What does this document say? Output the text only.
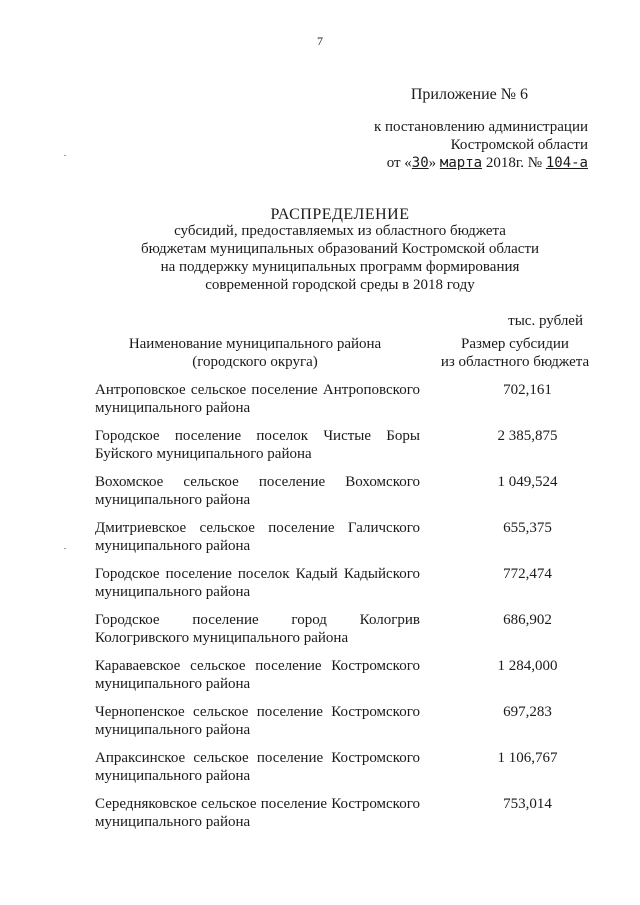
7
Приложение № 6
к постановлению администрации
Костромской области
от «30» марта 2018г. № 104-а
РАСПРЕДЕЛЕНИЕ
субсидий, предоставляемых из областного бюджета
бюджетам муниципальных образований Костромской области
на поддержку муниципальных программ формирования
современной городской среды в 2018 году
тыс. рублей
Наименование муниципального района
(городского округа)
Размер субсидии
из областного бюджета
Антроповское сельское поселение Антроповского муниципального района
702,161
Городское поселение поселок Чистые Боры Буйского муниципального района
2 385,875
Вохомское сельское поселение Вохомского муниципального района
1 049,524
Дмитриевское сельское поселение Галичского муниципального района
655,375
Городское поселение поселок Кадый Кадыйского муниципального района
772,474
Городское поселение город Кологрив Кологривского муниципального района
686,902
Караваевское сельское поселение Костромского муниципального района
1 284,000
Чернопенское сельское поселение Костромского муниципального района
697,283
Апраксинское сельское поселение Костромского муниципального района
1 106,767
Середняковское сельское поселение Костромского муниципального района
753,014
